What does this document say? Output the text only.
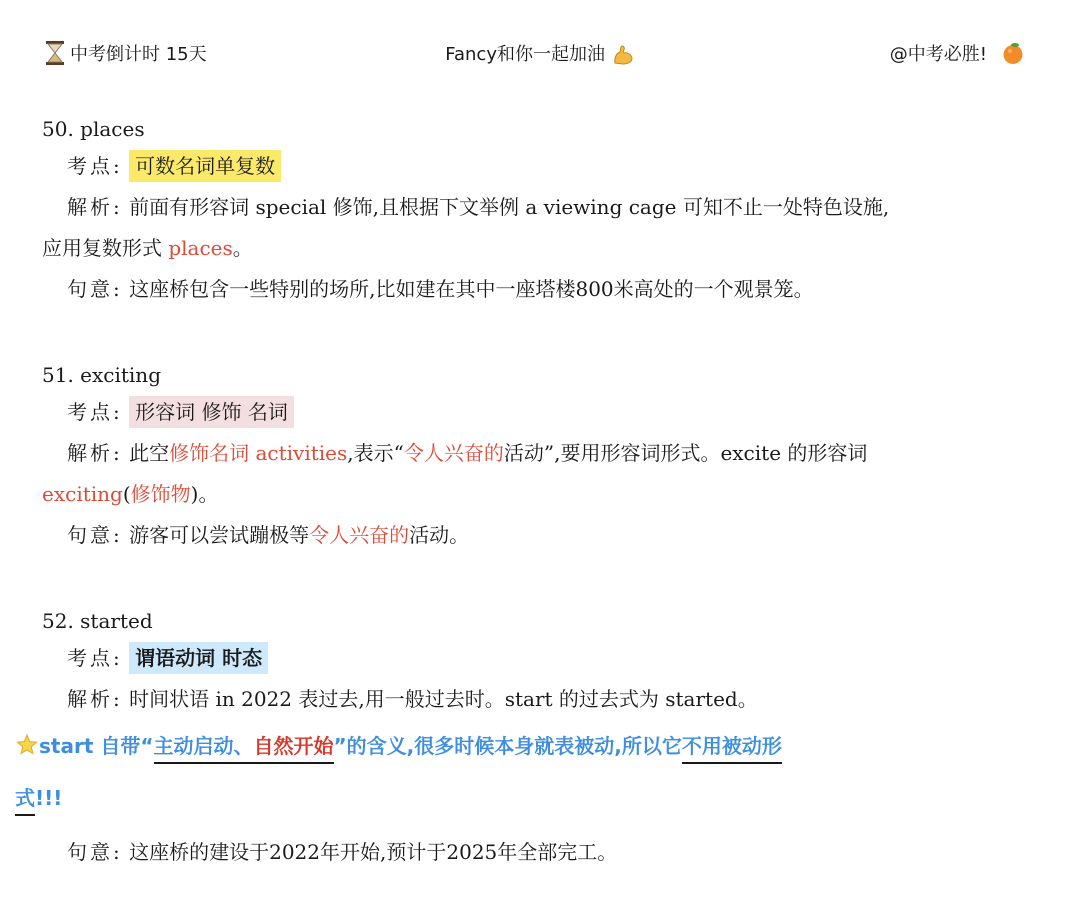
中考倒计时 15天	Fancy和你一起加油	@中考必胜!

50. places

考点: 可数名词单复数
解析: 前面有形容词 special 修饰,且根据下文举例 a viewing cage 可知不止一处特色设施,
应用复数形式 places。
句意: 这座桥包含一些特别的场所,比如建在其中一座塔楼800米高处的一个观景笼。

51. exciting

考点: 形容词 修饰 名词
解析: 此空修饰名词 activities,表示“令人兴奋的活动”,要用形容词形式。excite 的形容词
exciting(修饰物)。
句意: 游客可以尝试蹦极等令人兴奋的活动。

52. started

考点: 谓语动词 时态
解析: 时间状语 in 2022 表过去,用一般过去时。start 的过去式为 started。
start 自带“主动启动、自然开始”的含义,很多时候本身就表被动,所以它不用被动形
式!!!
句意: 这座桥的建设于2022年开始,预计于2025年全部完工。
